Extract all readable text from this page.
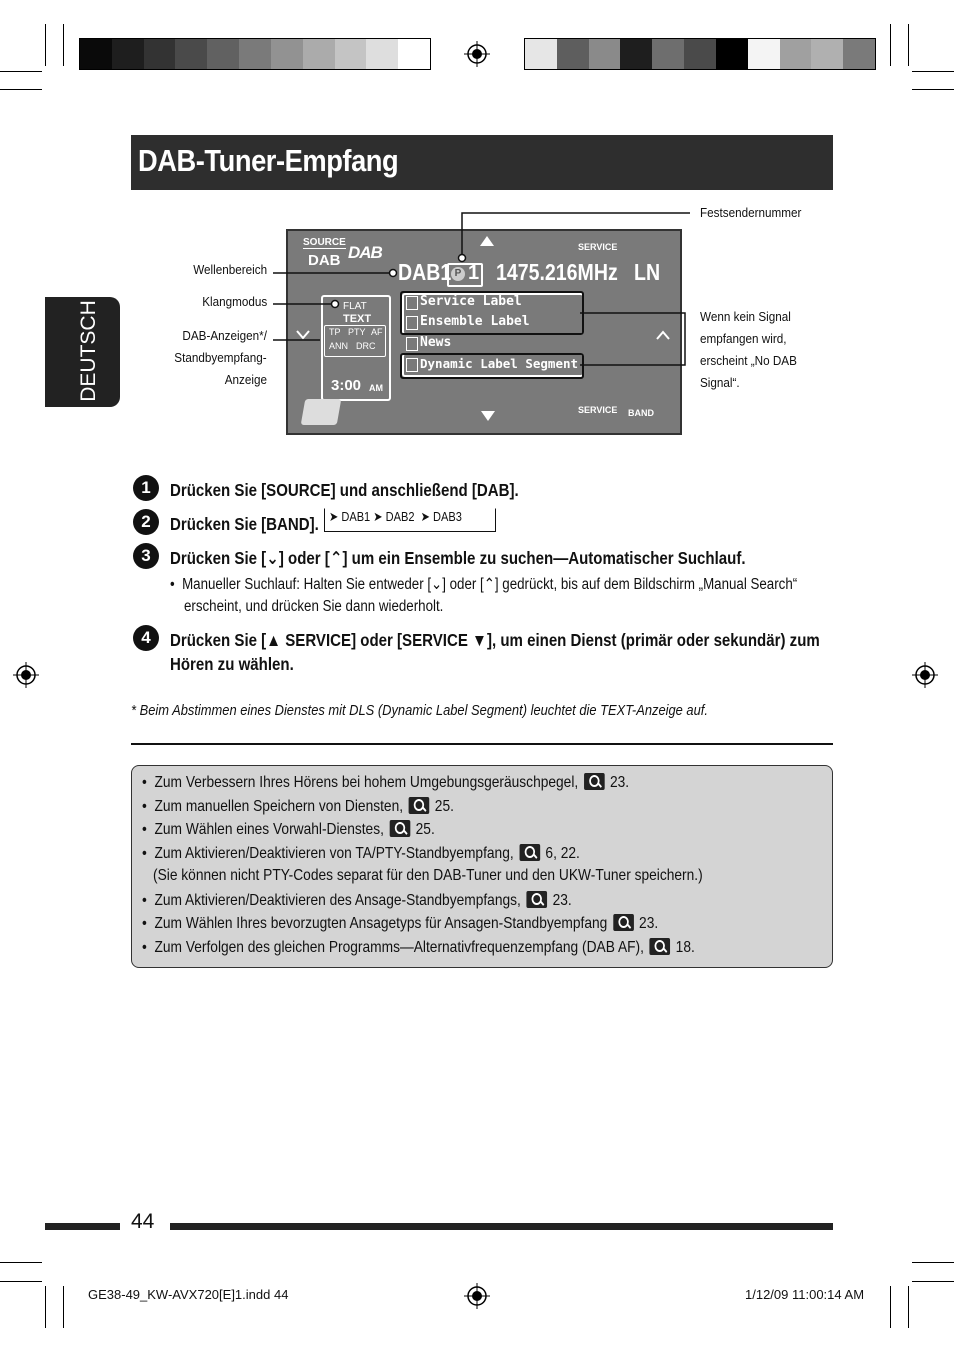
DAB-Tuner-Empfang
DEUTSCH
SOURCE
DAB DAB	SERVICE
DAB1 P 1 1475.216MHz LN
FLAT
TEXT
TP PTY AF
ANN DRC
3:00 AM
Service Label
Ensemble Label
News
Dynamic Label Segment
SERVICE BAND
Festsendernummer
Wellenbereich
Klangmodus
DAB-Anzeigen*/
Standbyempfang-
Anzeige
Wenn kein Signal
empfangen wird,
erscheint „No DAB
Signal“.
1	Drücken Sie [SOURCE] und anschließend [DAB].
2	Drücken Sie [BAND]. ➤ DAB1 ➤ DAB2  ➤ DAB3
3	Drücken Sie [⌄] oder [⌃] um ein Ensemble zu suchen—Automatischer Suchlauf.
•  Manueller Suchlauf: Halten Sie entweder [⌄] oder [⌃] gedrückt, bis auf dem Bildschirm „Manual Search“
erscheint, und drücken Sie dann wiederholt.
4	Drücken Sie [▲ SERVICE] oder [SERVICE ▼], um einen Dienst (primär oder sekundär) zum
Hören zu wählen.
* Beim Abstimmen eines Dienstes mit DLS (Dynamic Label Segment) leuchtet die TEXT-Anzeige auf.
•  Zum Verbessern Ihres Hörens bei hohem Umgebungsgeräuschpegel, 23.
•  Zum manuellen Speichern von Diensten, 25.
•  Zum Wählen eines Vorwahl-Dienstes, 25.
•  Zum Aktivieren/Deaktivieren von TA/PTY-Standbyempfang, 6, 22.
(Sie können nicht PTY-Codes separat für den DAB-Tuner und den UKW-Tuner speichern.)
•  Zum Aktivieren/Deaktivieren des Ansage-Standbyempfangs, 23.
•  Zum Wählen Ihres bevorzugten Ansagetyps für Ansagen-Standbyempfang 23.
•  Zum Verfolgen des gleichen Programms—Alternativfrequenzempfang (DAB AF), 18.
44
GE38-49_KW-AVX720[E]1.indd 44	1/12/09 11:00:14 AM
